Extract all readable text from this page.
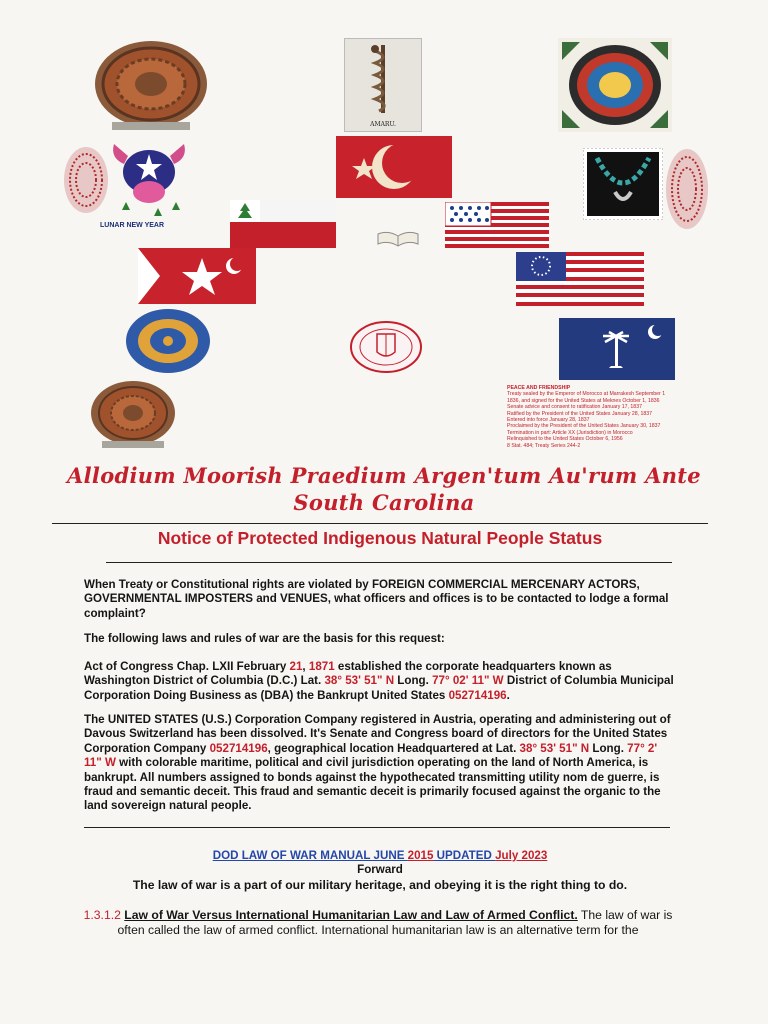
AMARU.
LUNAR NEW YEAR
PEACE AND FRIENDSHIP
Treaty sealed by the Emperor of Morocco at Marrakesh September 1
1836, and signed for the United States at Meknes October 1, 1836
Senate advice and consent to ratification January 17, 1837
Ratified by the President of the United States January 28, 1837
Entered into force January 28, 1837
Proclaimed by the President of the United States January 30, 1837
Termination in part: Article XX (Jurisdiction) in Morocco
Relinquished to the United States October 6, 1956
8 Stat. 484; Treaty Series 244-2
Allodium Moorish Praedium Argen'tum Au'rum Ante South Carolina
Notice of Protected Indigenous Natural People Status
When Treaty or Constitutional rights are violated by FOREIGN COMMERCIAL MERCENARY ACTORS, GOVERNMENTAL IMPOSTERS and VENUES, what officers and offices is to be contacted to lodge a formal complaint?
The following laws and rules of war are the basis for this request:
Act of Congress Chap. LXII February 21, 1871 established the corporate headquarters known as Washington District of Columbia (D.C.) Lat. 38° 53' 51" N Long. 77° 02' 11" W District of Columbia Municipal Corporation Doing Business as (DBA) the Bankrupt United States 052714196.
The UNITED STATES (U.S.) Corporation Company registered in Austria, operating and administering out of Davous Switzerland has been dissolved. It's Senate and Congress board of directors for the United States Corporation Company 052714196, geographical location Headquartered at Lat. 38° 53' 51" N Long. 77° 2' 11" W with colorable maritime, political and civil jurisdiction operating on the land of North America, is bankrupt. All numbers assigned to bonds against the hypothecated transmitting utility nom de guerre, is fraud and semantic deceit. This fraud and semantic deceit is primarily focused against the organic to the land sovereign natural people.
DOD LAW OF WAR MANUAL JUNE 2015 UPDATED July 2023
Forward
The law of war is a part of our military heritage, and obeying it is the right thing to do.
1.3.1.2 Law of War Versus International Humanitarian Law and Law of Armed Conflict. The law of war is often called the law of armed conflict. International humanitarian law is an alternative term for the
